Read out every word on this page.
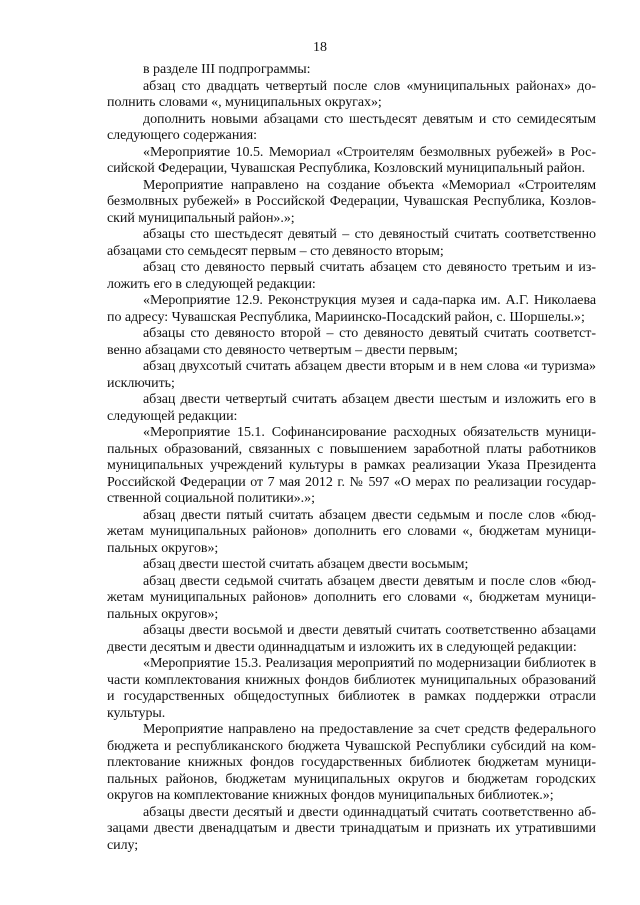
18

в разделе III подпрограммы:

абзац сто двадцать четвертый после слов «муниципальных районах» дополнить словами «, муниципальных округах»;

дополнить новыми абзацами сто шестьдесят девятым и сто семидесятым следующего содержания:

«Мероприятие 10.5. Мемориал «Строителям безмолвных рубежей» в Российской Федерации, Чувашская Республика, Козловский муниципальный район.

Мероприятие направлено на создание объекта «Мемориал «Строителям безмолвных рубежей» в Российской Федерации, Чувашская Республика, Козловский муниципальный район».»;

абзацы сто шестьдесят девятый – сто девяностый считать соответственно абзацами сто семьдесят первым – сто девяносто вторым;

абзац сто девяносто первый считать абзацем сто девяносто третьим и изложить его в следующей редакции:

«Мероприятие 12.9. Реконструкция музея и сада-парка им. А.Г. Николаева по адресу: Чувашская Республика, Мариинско-Посадский район, с. Шоршелы.»;

абзацы сто девяносто второй – сто девяносто девятый считать соответственно абзацами сто девяносто четвертым – двести первым;

абзац двухсотый считать абзацем двести вторым и в нем слова «и туризма» исключить;

абзац двести четвертый считать абзацем двести шестым и изложить его в следующей редакции:

«Мероприятие 15.1. Софинансирование расходных обязательств муниципальных образований, связанных с повышением заработной платы работников муниципальных учреждений культуры в рамках реализации Указа Президента Российской Федерации от 7 мая 2012 г. № 597 «О мерах по реализации государственной социальной политики».»;

абзац двести пятый считать абзацем двести седьмым и после слов «бюджетам муниципальных районов» дополнить его словами «, бюджетам муниципальных округов»;

абзац двести шестой считать абзацем двести восьмым;

абзац двести седьмой считать абзацем двести девятым и после слов «бюджетам муниципальных районов» дополнить его словами «, бюджетам муниципальных округов»;

абзацы двести восьмой и двести девятый считать соответственно абзацами двести десятым и двести одиннадцатым и изложить их в следующей редакции:

«Мероприятие 15.3. Реализация мероприятий по модернизации библиотек в части комплектования книжных фондов библиотек муниципальных образований и государственных общедоступных библиотек в рамках поддержки отрасли культуры.

Мероприятие направлено на предоставление за счет средств федерального бюджета и республиканского бюджета Чувашской Республики субсидий на комплектование книжных фондов государственных библиотек бюджетам муниципальных районов, бюджетам муниципальных округов и бюджетам городских округов на комплектование книжных фондов муниципальных библиотек.»;

абзацы двести десятый и двести одиннадцатый считать соответственно абзацами двести двенадцатым и двести тринадцатым и признать их утратившими силу;
